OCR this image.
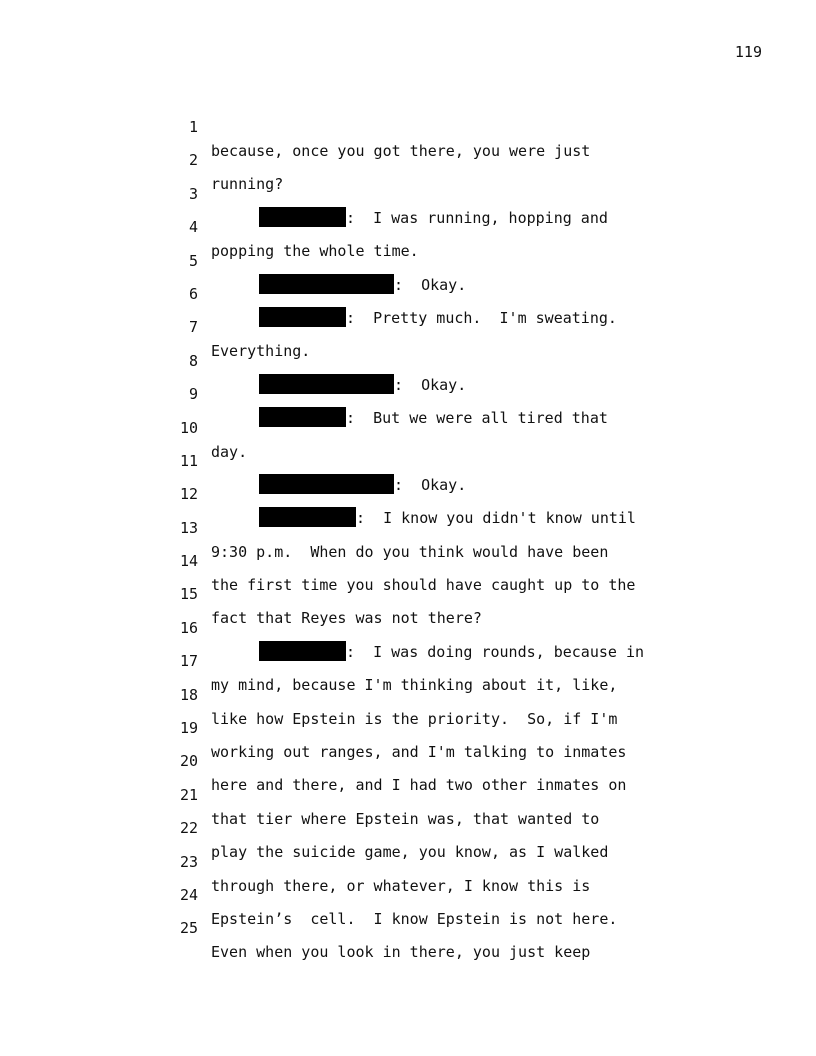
119

1

because, once you got there, you were just

2

running?

3

:  I was running, hopping and

4

popping the whole time.

5

:  Okay.

6

:  Pretty much.  I'm sweating.

7

Everything.

8

:  Okay.

9

:  But we were all tired that

10

day.

11

:  Okay.

12

:  I know you didn't know until

13

9:30 p.m.  When do you think would have been

14

the first time you should have caught up to the

15

fact that Reyes was not there?

16

:  I was doing rounds, because in

17

my mind, because I'm thinking about it, like,

18

like how Epstein is the priority.  So, if I'm

19

working out ranges, and I'm talking to inmates

20

here and there, and I had two other inmates on

21

that tier where Epstein was, that wanted to

22

play the suicide game, you know, as I walked

23

through there, or whatever, I know this is

24

Epstein’s  cell.  I know Epstein is not here.

25

Even when you look in there, you just keep
